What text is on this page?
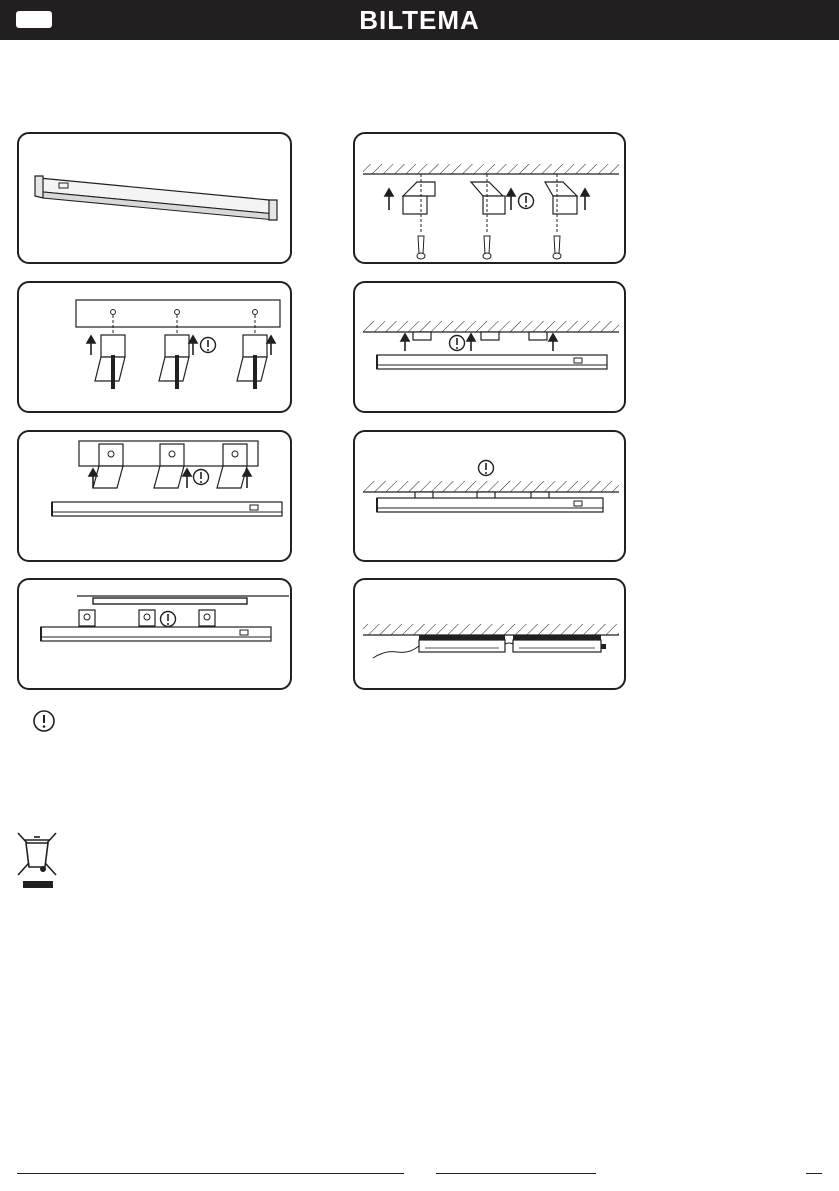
BILTEMA
